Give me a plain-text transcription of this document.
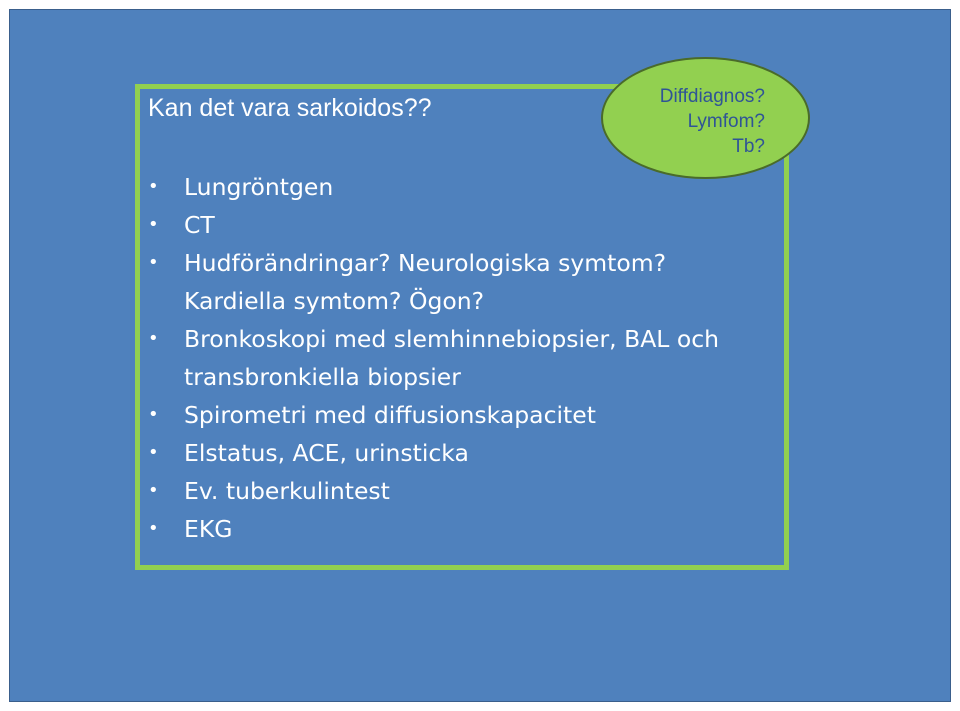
Kan det vara sarkoidos??
• Lungröntgen
• CT
• Hudförändringar? Neurologiska symtom?
Kardiella symtom? Ögon?
• Bronkoskopi med slemhinnebiopsier, BAL och
transbronkiella biopsier
• Spirometri med diffusionskapacitet
• Elstatus, ACE, urinsticka
• Ev. tuberkulintest
• EKG
Diffdiagnos?
Lymfom?
Tb?
